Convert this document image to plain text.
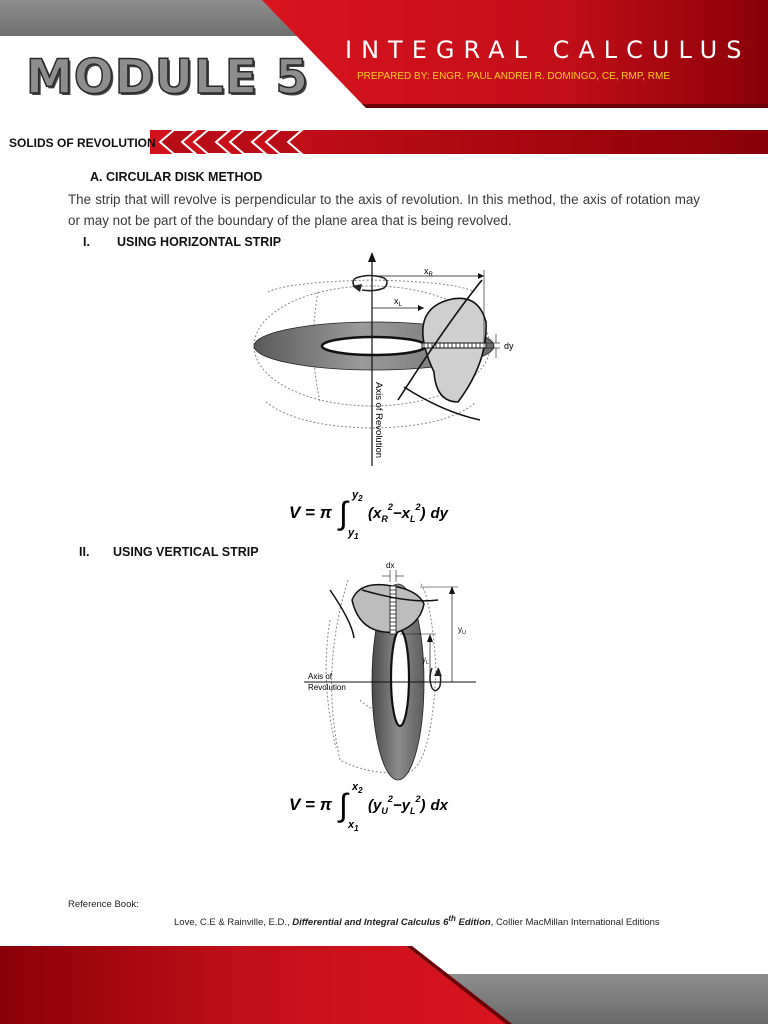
MODULE 5 INTEGRAL CALCULUS
PREPARED BY: ENGR. PAUL ANDREI R. DOMINGO, CE, RMP, RME
SOLIDS OF REVOLUTION
A. CIRCULAR DISK METHOD
The strip that will revolve is perpendicular to the axis of revolution. In this method, the axis of rotation may or may not be part of the boundary of the plane area that is being revolved.
I. USING HORIZONTAL STRIP
$x_R$
$x_L$
dy
Axis of Revolution
V = π ∫ $y_2$
$y_1$
$(x_R^2-x_L^2)$ dy
II. USING VERTICAL STRIP
dx
$y_U$
$y_L$
Axis of
Revolution
V = π ∫ $x_2$
$x_1$
$(y_U^2-y_L^2)$ dx
Reference Book:
Love, C.E & Rainville, E.D., Differential and Integral Calculus 6th Edition, Collier MacMillan International Editions
